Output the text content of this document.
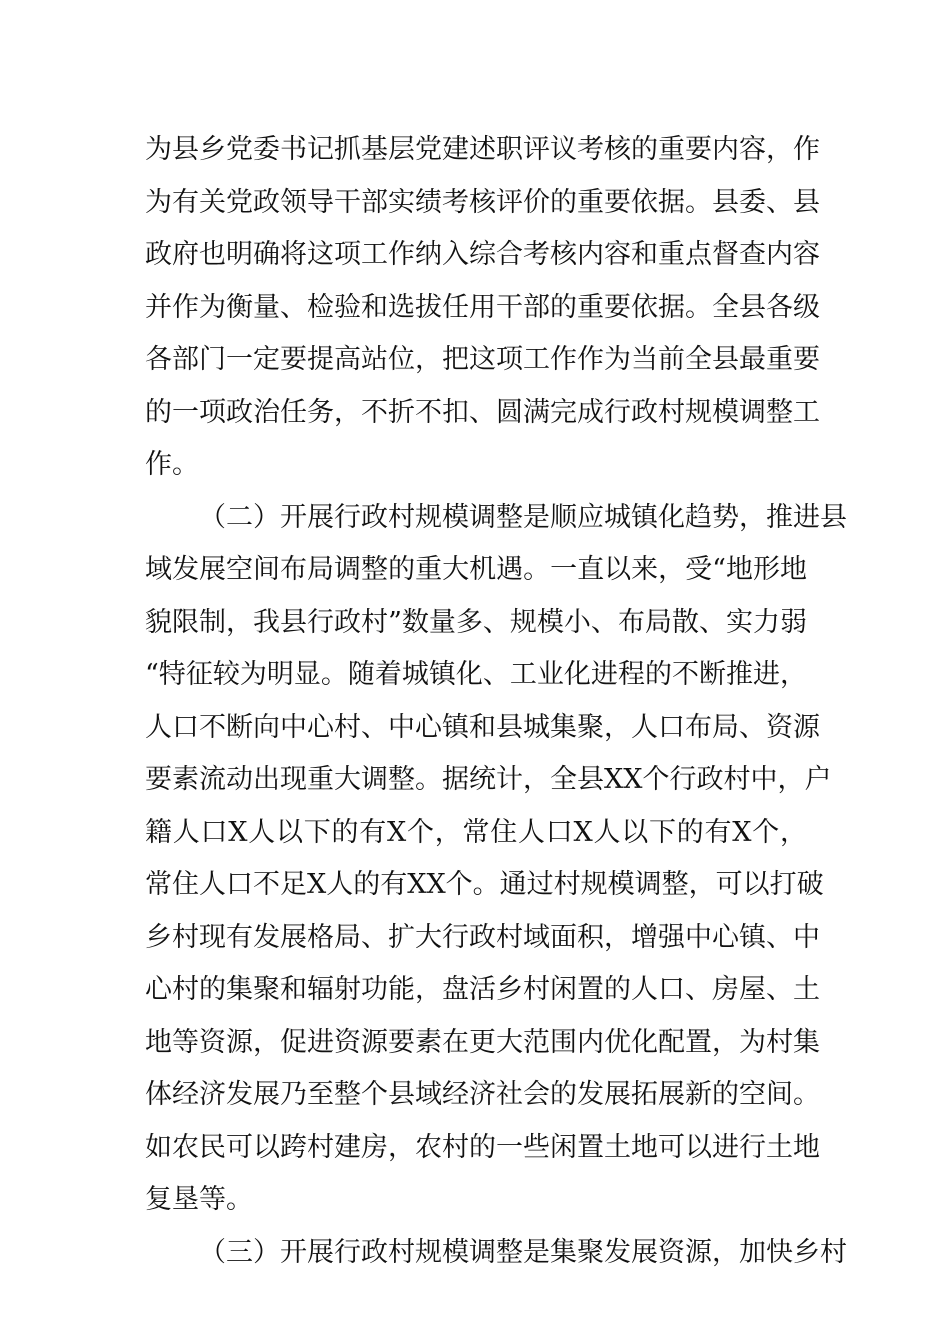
为县乡党委书记抓基层党建述职评议考核的重要内容，作
为有关党政领导干部实绩考核评价的重要依据。县委、县
政府也明确将这项工作纳入综合考核内容和重点督查内容
并作为衡量、检验和选拔任用干部的重要依据。全县各级
各部门一定要提高站位，把这项工作作为当前全县最重要
的一项政治任务，不折不扣、圆满完成行政村规模调整工
作。
（二）开展行政村规模调整是顺应城镇化趋势，推进县
域发展空间布局调整的重大机遇。一直以来，受“地形地
貌限制，我县行政村”数量多、规模小、布局散、实力弱
“特征较为明显。随着城镇化、工业化进程的不断推进，
人口不断向中心村、中心镇和县城集聚，人口布局、资源
要素流动出现重大调整。据统计，全县XX个行政村中，户
籍人口X人以下的有X个，常住人口X人以下的有X个，
常住人口不足X人的有XX个。通过村规模调整，可以打破
乡村现有发展格局、扩大行政村域面积，增强中心镇、中
心村的集聚和辐射功能，盘活乡村闲置的人口、房屋、土
地等资源，促进资源要素在更大范围内优化配置，为村集
体经济发展乃至整个县域经济社会的发展拓展新的空间。
如农民可以跨村建房，农村的一些闲置土地可以进行土地
复垦等。
（三）开展行政村规模调整是集聚发展资源，加快乡村
